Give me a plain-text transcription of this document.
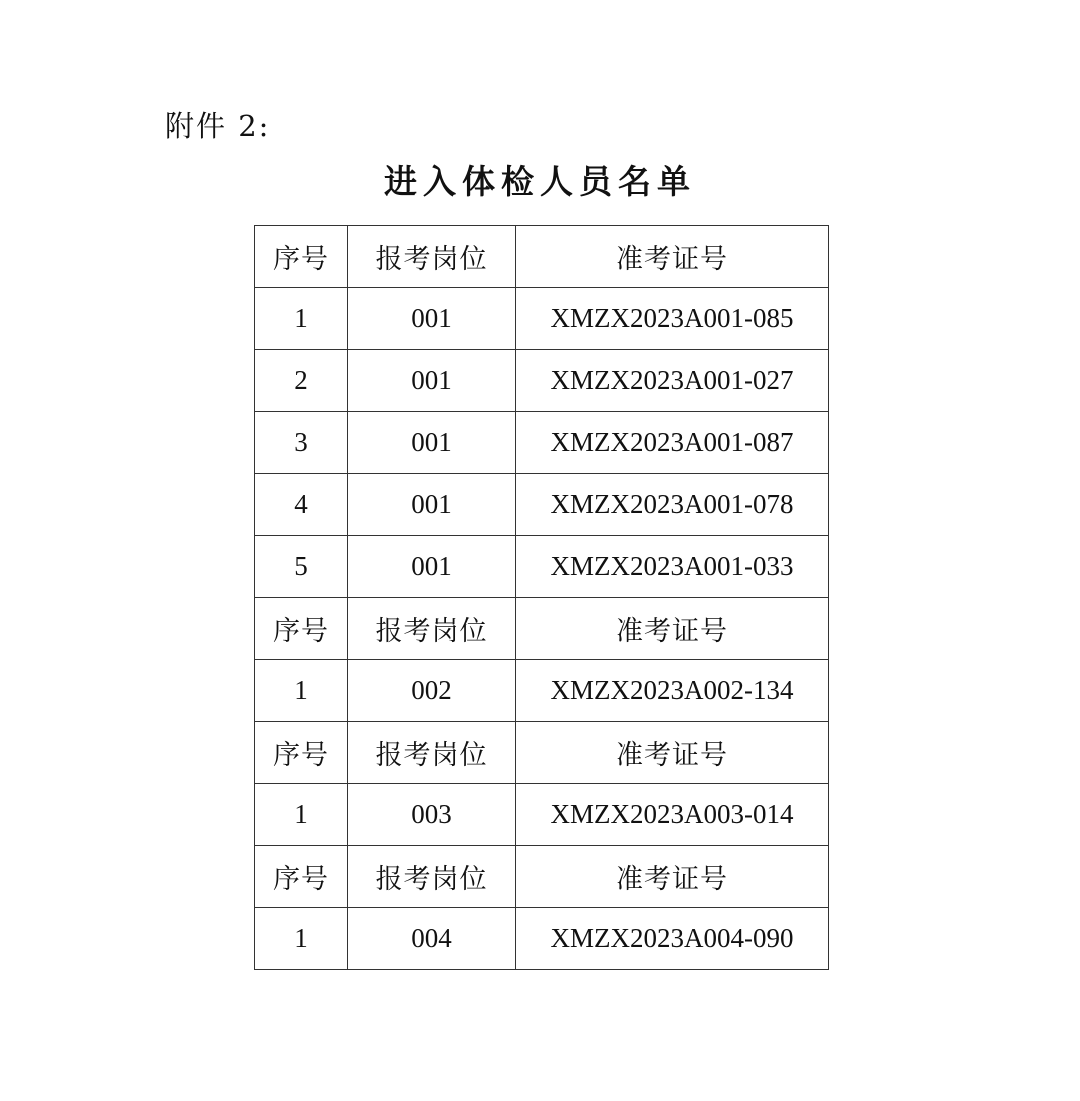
附件 2:
进入体检人员名单
序号	报考岗位	准考证号
1	001	XMZX2023A001-085
2	001	XMZX2023A001-027
3	001	XMZX2023A001-087
4	001	XMZX2023A001-078
5	001	XMZX2023A001-033
序号	报考岗位	准考证号
1	002	XMZX2023A002-134
序号	报考岗位	准考证号
1	003	XMZX2023A003-014
序号	报考岗位	准考证号
1	004	XMZX2023A004-090
